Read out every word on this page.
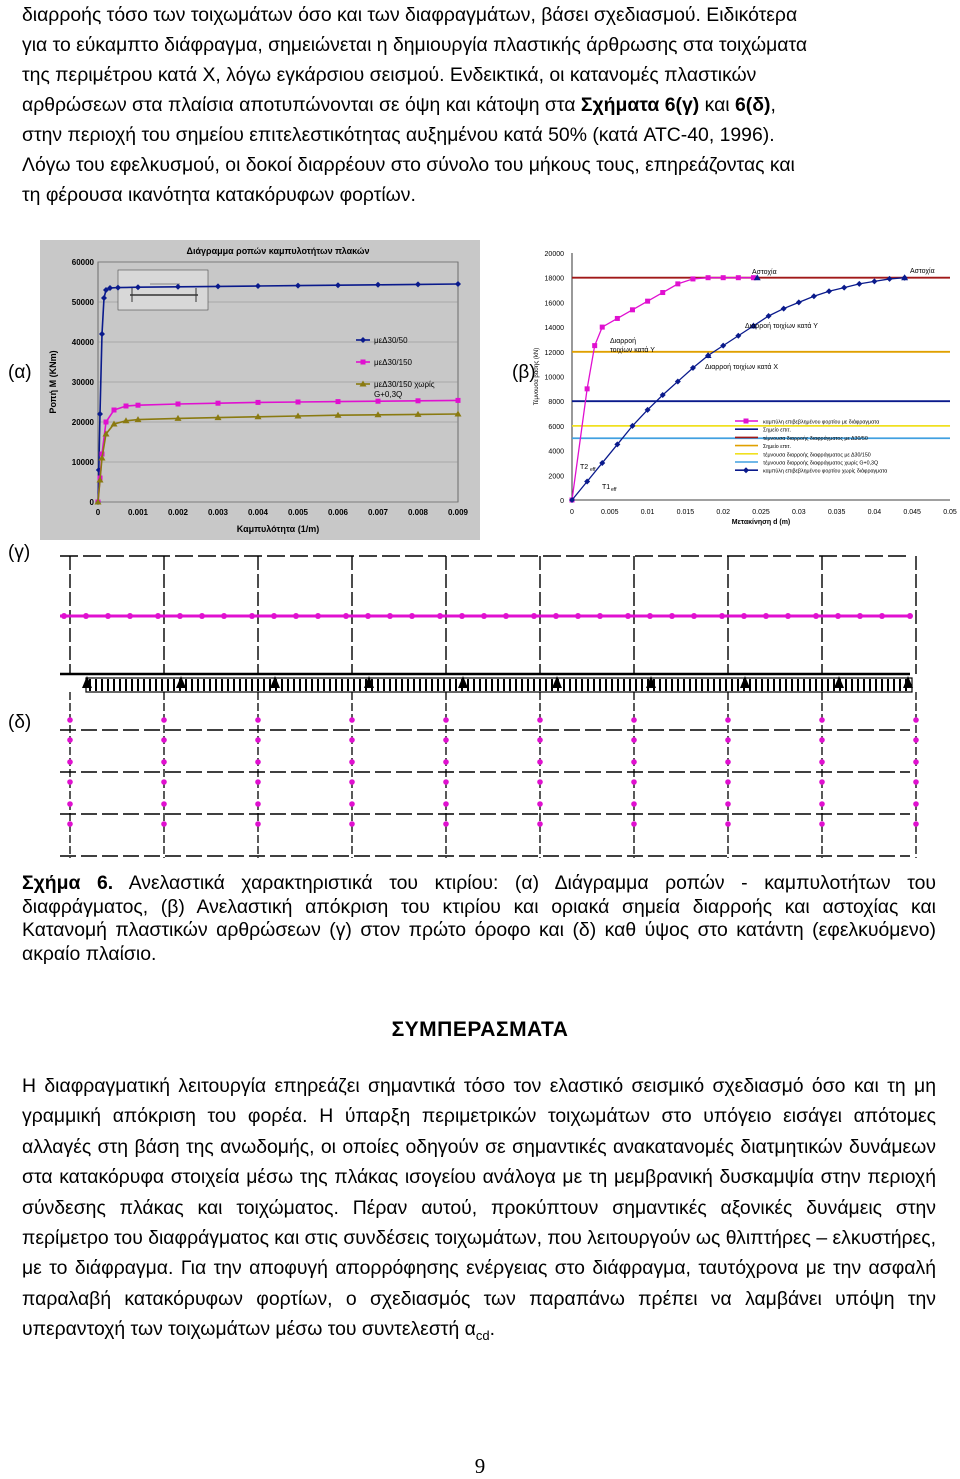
διαρροής τόσο των τοιχωμάτων όσο και των διαφραγμάτων, βάσει σχεδιασμού. Ειδικότερα
για το εύκαμπτο διάφραγμα, σημειώνεται η δημιουργία πλαστικής άρθρωσης στα τοιχώματα
της περιμέτρου κατά Χ, λόγω εγκάρσιου σεισμού. Ενδεικτικά, οι κατανομές πλαστικών
αρθρώσεων στα πλαίσια αποτυπώνονται σε όψη και κάτοψη στα Σχήματα 6(γ) και 6(δ),
στην περιοχή του σημείου επιτελεστικότητας αυξημένου κατά 50% (κατά ATC-40, 1996).
Λόγω του εφελκυσμού, οι δοκοί διαρρέουν στο σύνολο του μήκους τους, επηρεάζοντας και
τη φέρουσα ικανότητα κατακόρυφων φορτίων.
(α)	(β)
(γ)
(δ)
0
10000
20000
30000
40000
50000
60000
0	0.001 0.002 0.003 0.004 0.005 0.006 0.007 0.008 0.009
Διάγραμμα ροπών καμπυλοτήτων πλακών
Καμπυλότητα (1/m)
Ροπή Μ (KNm)
μεΔ30/50
μεΔ30/150
μεΔ30/150 χωρίς
G+0,3Q
0
2000
4000
6000
8000
10000
12000
14000
16000
18000
20000
0	0.005	0.01	0.015	0.02	0.025	0.03	0.035	0.04	0.045	0.05
Μετακίνηση d (m)
Τέμνουσα βάσης (kN)
Αστοχία	Αστοχία
Διαρροή τοιχίων κατά Υ
Διαρροή
τοιχίων κατά Υ
Διαρροή τοιχίων κατά Χ
T2 eff
T1 eff
καμπύλη επιβεβλημένου φορτίου με διάφραγματα
Σημείο επιτ.
τέμνουσα διαρροής διαφράγματος με Δ30/50
Σημείο επιτ.
τέμνουσα διαρροής διαφράγματος με Δ30/150
τέμνουσα διαρροής διαφράγματος χωρίς G+0,3Q
καμπύλη επιβεβλημένου φορτίου χωρίς διάφραγματα
Σχήμα 6. Ανελαστικά χαρακτηριστικά του κτιρίου: (α) Διάγραμμα ροπών - καμπυλοτήτων του διαφράγματος, (β) Ανελαστική απόκριση του κτιρίου και οριακά σημεία διαρροής και αστοχίας και Κατανομή πλαστικών αρθρώσεων (γ) στον πρώτο όροφο και (δ) καθ ύψος στο κατάντη (εφελκυόμενο) ακραίο πλαίσιο.
ΣΥΜΠΕΡΑΣΜΑΤΑ
Η διαφραγματική λειτουργία επηρεάζει σημαντικά τόσο τον ελαστικό σεισμικό σχεδιασμό όσο και τη μη γραμμική απόκριση του φορέα. Η ύπαρξη περιμετρικών τοιχωμάτων στο υπόγειο εισάγει απότομες αλλαγές στη βάση της ανωδομής, οι οποίες οδηγούν σε σημαντικές ανακατανομές διατμητικών δυνάμεων στα κατακόρυφα στοιχεία μέσω της πλάκας ισογείου ανάλογα με τη μεμβρανική δυσκαμψία στην περιοχή σύνδεσης πλάκας και τοιχώματος. Πέραν αυτού, προκύπτουν σημαντικές αξονικές δυνάμεις στην περίμετρο του διαφράγματος και στις συνδέσεις τοιχωμάτων, που λειτουργούν ως θλιπτήρες – ελκυστήρες, με το διάφραγμα. Για την αποφυγή απορρόφησης ενέργειας στο διάφραγμα, ταυτόχρονα με την ασφαλή παραλαβή κατακόρυφων φορτίων, ο σχεδιασμός των παραπάνω πρέπει να λαμβάνει υπόψη την υπεραντοχή των τοιχωμάτων μέσω του συντελεστή $\alpha_{cd}$.
9
